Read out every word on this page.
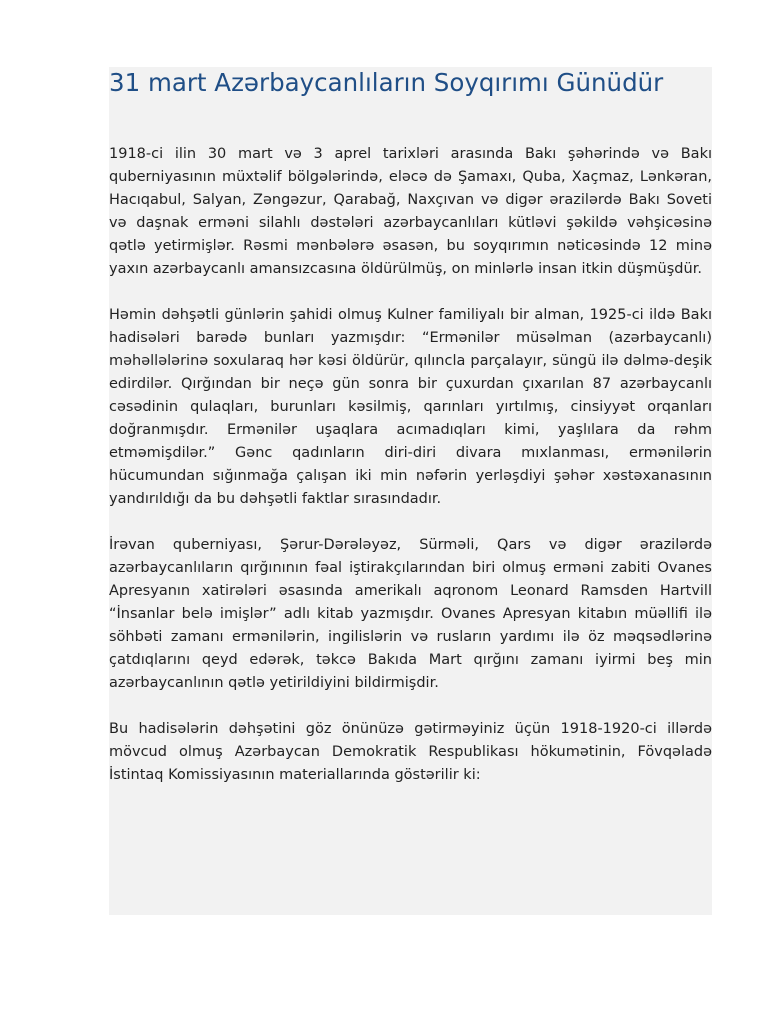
31 mart Azərbaycanlıların Soyqırımı Günüdür

1918-ci ilin 30 mart və 3 aprel tarixləri arasında Bakı şəhərində və Bakı quberniyasının müxtəlif bölgələrində, eləcə də Şamaxı, Quba, Xaçmaz, Lənkəran, Hacıqabul, Salyan, Zəngəzur, Qarabağ, Naxçıvan və digər ərazilərdə Bakı Soveti və daşnak erməni silahlı dəstələri azərbaycanlıları kütləvi şəkildə vəhşicəsinə qətlə yetirmişlər. Rəsmi mənbələrə əsasən, bu soyqırımın nəticəsində 12 minə yaxın azərbaycanlı amansızcasına öldürülmüş, on minlərlə insan itkin düşmüşdür.

Həmin dəhşətli günlərin şahidi olmuş Kulner familiyalı bir alman, 1925-ci ildə Bakı hadisələri barədə bunları yazmışdır: “Ermənilər müsəlman (azərbaycanlı) məhəllələrinə soxularaq hər kəsi öldürür, qılıncla parçalayır, süngü ilə dəlmə-deşik edirdilər. Qırğından bir neçə gün sonra bir çuxurdan çıxarılan 87 azərbaycanlı cəsədinin qulaqları, burunları kəsilmiş, qarınları yırtılmış, cinsiyyət orqanları doğranmışdır. Ermənilər uşaqlara acımadıqları kimi, yaşlılara da rəhm etməmişdilər.” Gənc qadınların diri-diri divara mıxlanması, ermənilərin hücumundan sığınmağa çalışan iki min nəfərin yerləşdiyi şəhər xəstəxanasının yandırıldığı da bu dəhşətli faktlar sırasındadır.

İrəvan quberniyası, Şərur-Dərələyəz, Sürməli, Qars və digər ərazilərdə azərbaycanlıların qırğınının fəal iştirakçılarından biri olmuş erməni zabiti Ovanes Apresyanın xatirələri əsasında amerikalı aqronom Leonard Ramsden Hartvill “İnsanlar belə imişlər” adlı kitab yazmışdır. Ovanes Apresyan kitabın müəllifi ilə söhbəti zamanı ermənilərin, ingilislərin və rusların yardımı ilə öz məqsədlərinə çatdıqlarını qeyd edərək, təkcə Bakıda Mart qırğını zamanı iyirmi beş min azərbaycanlının qətlə yetirildiyini bildirmişdir.

Bu hadisələrin dəhşətini göz önünüzə gətirməyiniz üçün 1918-1920-ci illərdə mövcud olmuş Azərbaycan Demokratik Respublikası hökumətinin, Fövqəladə İstintaq Komissiyasının materiallarında göstərilir ki:
